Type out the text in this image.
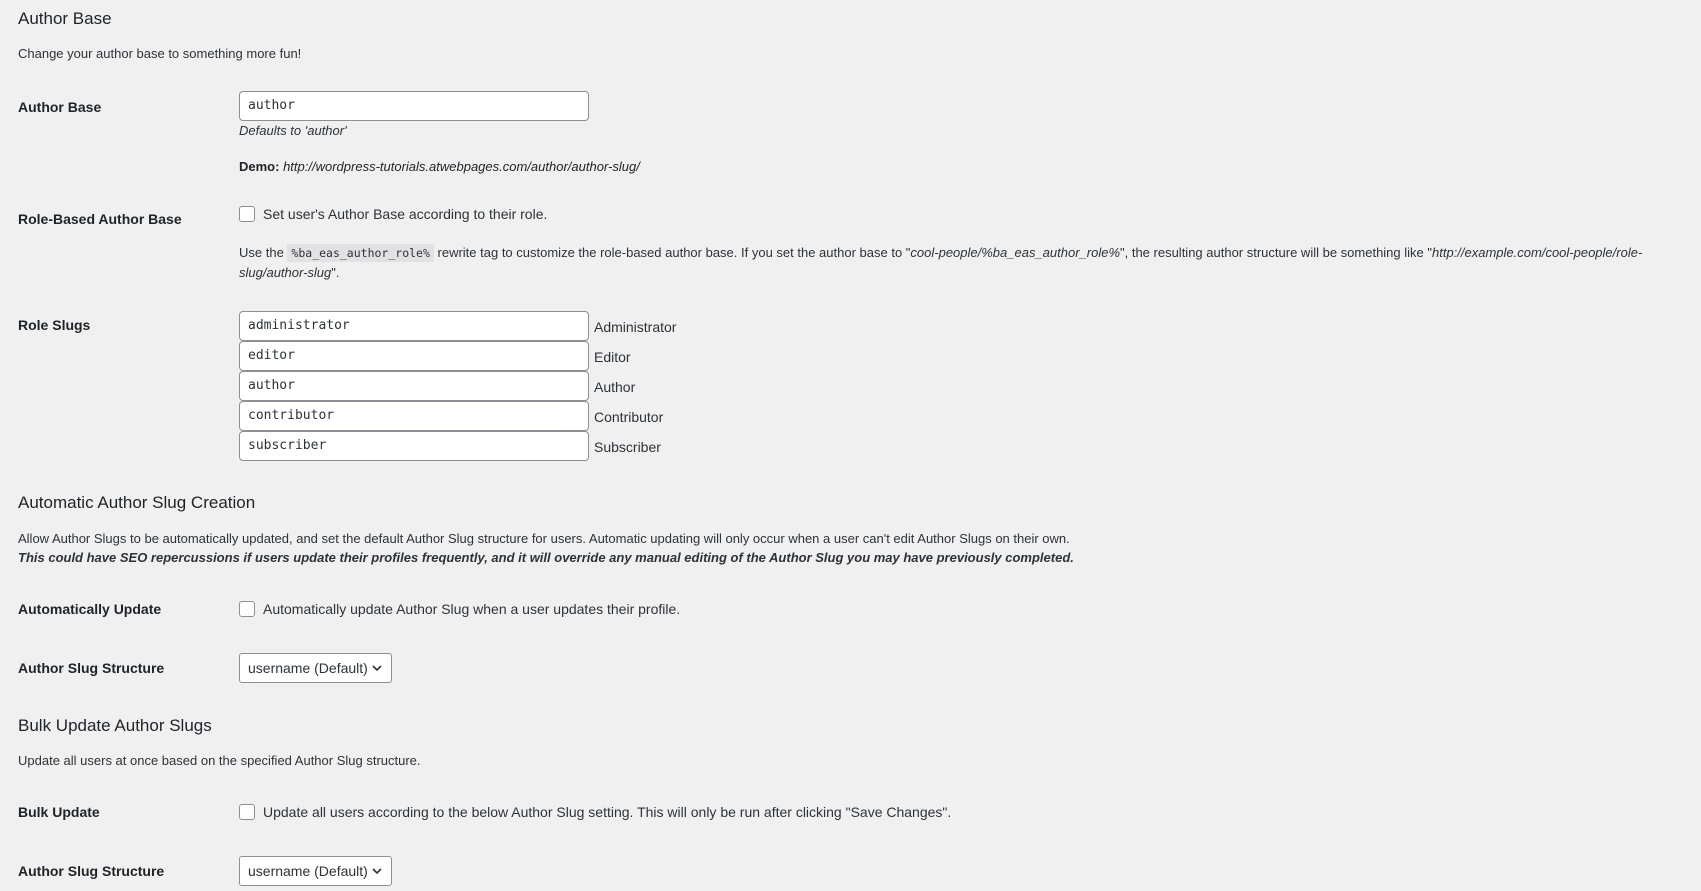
Author Base

Change your author base to something more fun!

Author Base	author
Defaults to 'author'
Demo: http://wordpress-tutorials.atwebpages.com/author/author-slug/
Role-Based Author Base	Set user's Author Base according to their role.
Use the %ba_eas_author_role% rewrite tag to customize the role-based author base. If you set the author base to "cool-people/%ba_eas_author_role%", the resulting author structure will be something like "http://example.com/cool-people/role-slug/author-slug".
Role Slugs	administrator	Administrator
editor	Editor
author	Author
contributor	Contributor
subscriber	Subscriber
Automatic Author Slug Creation

Allow Author Slugs to be automatically updated, and set the default Author Slug structure for users. Automatic updating will only occur when a user can't edit Author Slugs on their own.

This could have SEO repercussions if users update their profiles frequently, and it will override any manual editing of the Author Slug you may have previously completed.

Automatically Update	Automatically update Author Slug when a user updates their profile.
Author Slug Structure	username (Default)
Bulk Update Author Slugs

Update all users at once based on the specified Author Slug structure.

Bulk Update	Update all users according to the below Author Slug setting. This will only be run after clicking "Save Changes".
Author Slug Structure	username (Default)
